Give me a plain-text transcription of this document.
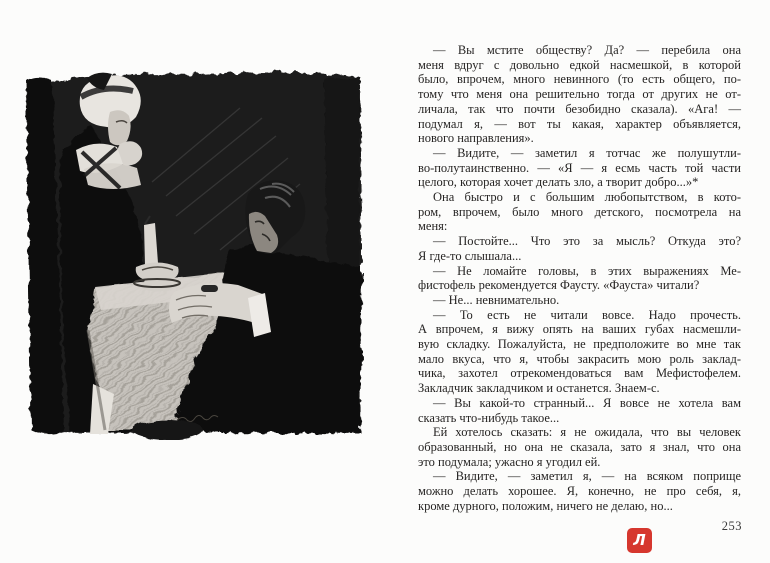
— Вы мстите обществу? Да? — перебила она
меня вдруг с довольно едкой насмешкой, в которой
было, впрочем, много невинного (то есть общего, по-
тому что меня она решительно тогда от других не от-
личала, так что почти безобидно сказала). «Ага! —
подумал я, — вот ты какая, характер объявляется,
нового направления».
— Видите, — заметил я тотчас же полушутли-
во-полутаинственно. — «Я — я есмь часть той части
целого, которая хочет делать зло, а творит добро...»*
Она быстро и с большим любопытством, в кото-
ром, впрочем, было много детского, посмотрела на
меня:
— Постойте... Что это за мысль? Откуда это?
Я где-то слышала...
— Не ломайте головы, в этих выражениях Ме-
фистофель рекомендуется Фаусту. «Фауста» читали?
— Не... невнимательно.
— То есть не читали вовсе. Надо прочесть.
А впрочем, я вижу опять на ваших губах насмешли-
вую складку. Пожалуйста, не предположите во мне так
мало вкуса, что я, чтобы закрасить мою роль заклад-
чика, захотел отрекомендоваться вам Мефистофелем.
Закладчик закладчиком и останется. Знаем-с.
— Вы какой-то странный... Я вовсе не хотела вам
сказать что-нибудь такое...
Ей хотелось сказать: я не ожидала, что вы человек
образованный, но она не сказала, зато я знал, что она
это подумала; ужасно я угодил ей.
— Видите, — заметил я, — на всяком поприще
можно делать хорошее. Я, конечно, не про себя, я,
кроме дурного, положим, ничего не делаю, но...
253
Л
